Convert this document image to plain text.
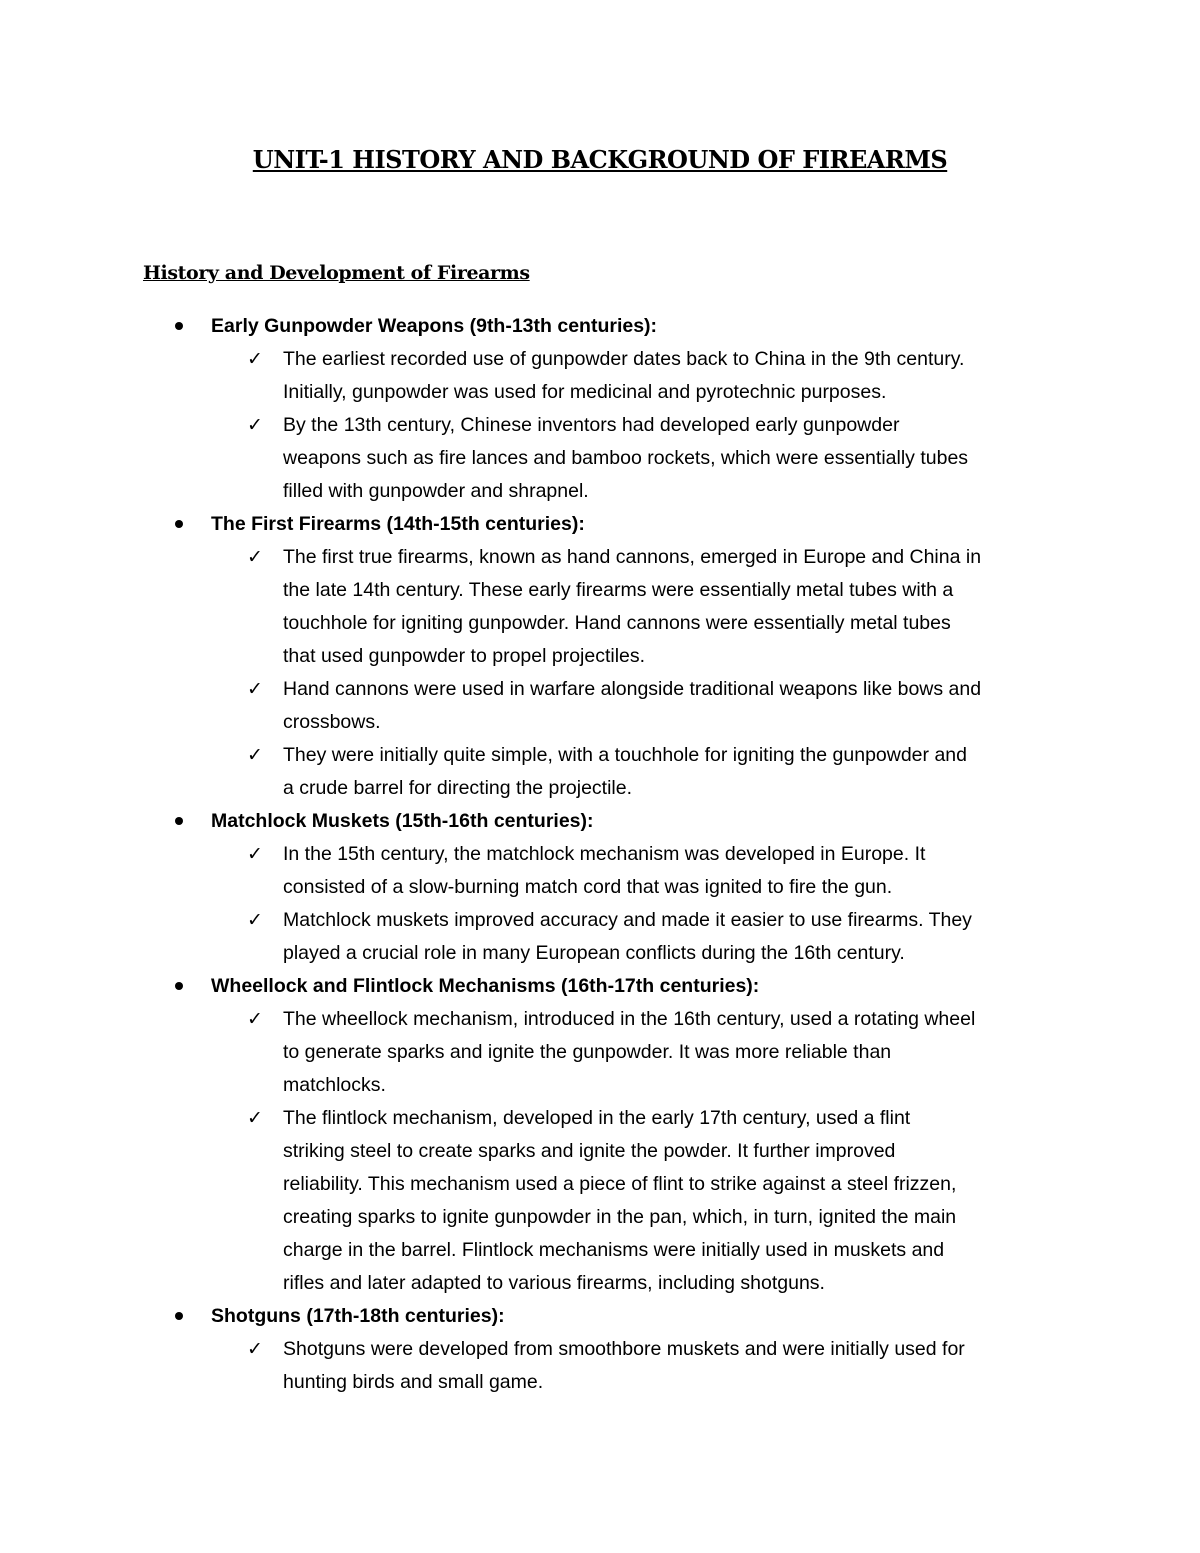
UNIT-1 HISTORY AND BACKGROUND OF FIREARMS
History and Development of Firearms
Early Gunpowder Weapons (9th-13th centuries):
✓ The earliest recorded use of gunpowder dates back to China in the 9th century.
Initially, gunpowder was used for medicinal and pyrotechnic purposes.
✓ By the 13th century, Chinese inventors had developed early gunpowder
weapons such as fire lances and bamboo rockets, which were essentially tubes
filled with gunpowder and shrapnel.
The First Firearms (14th-15th centuries):
✓ The first true firearms, known as hand cannons, emerged in Europe and China in
the late 14th century. These early firearms were essentially metal tubes with a
touchhole for igniting gunpowder. Hand cannons were essentially metal tubes
that used gunpowder to propel projectiles.
✓ Hand cannons were used in warfare alongside traditional weapons like bows and
crossbows.
✓ They were initially quite simple, with a touchhole for igniting the gunpowder and
a crude barrel for directing the projectile.
Matchlock Muskets (15th-16th centuries):
✓ In the 15th century, the matchlock mechanism was developed in Europe. It
consisted of a slow-burning match cord that was ignited to fire the gun.
✓ Matchlock muskets improved accuracy and made it easier to use firearms. They
played a crucial role in many European conflicts during the 16th century.
Wheellock and Flintlock Mechanisms (16th-17th centuries):
✓ The wheellock mechanism, introduced in the 16th century, used a rotating wheel
to generate sparks and ignite the gunpowder. It was more reliable than
matchlocks.
✓ The flintlock mechanism, developed in the early 17th century, used a flint
striking steel to create sparks and ignite the powder. It further improved
reliability. This mechanism used a piece of flint to strike against a steel frizzen,
creating sparks to ignite gunpowder in the pan, which, in turn, ignited the main
charge in the barrel. Flintlock mechanisms were initially used in muskets and
rifles and later adapted to various firearms, including shotguns.
Shotguns (17th-18th centuries):
✓ Shotguns were developed from smoothbore muskets and were initially used for
hunting birds and small game.
